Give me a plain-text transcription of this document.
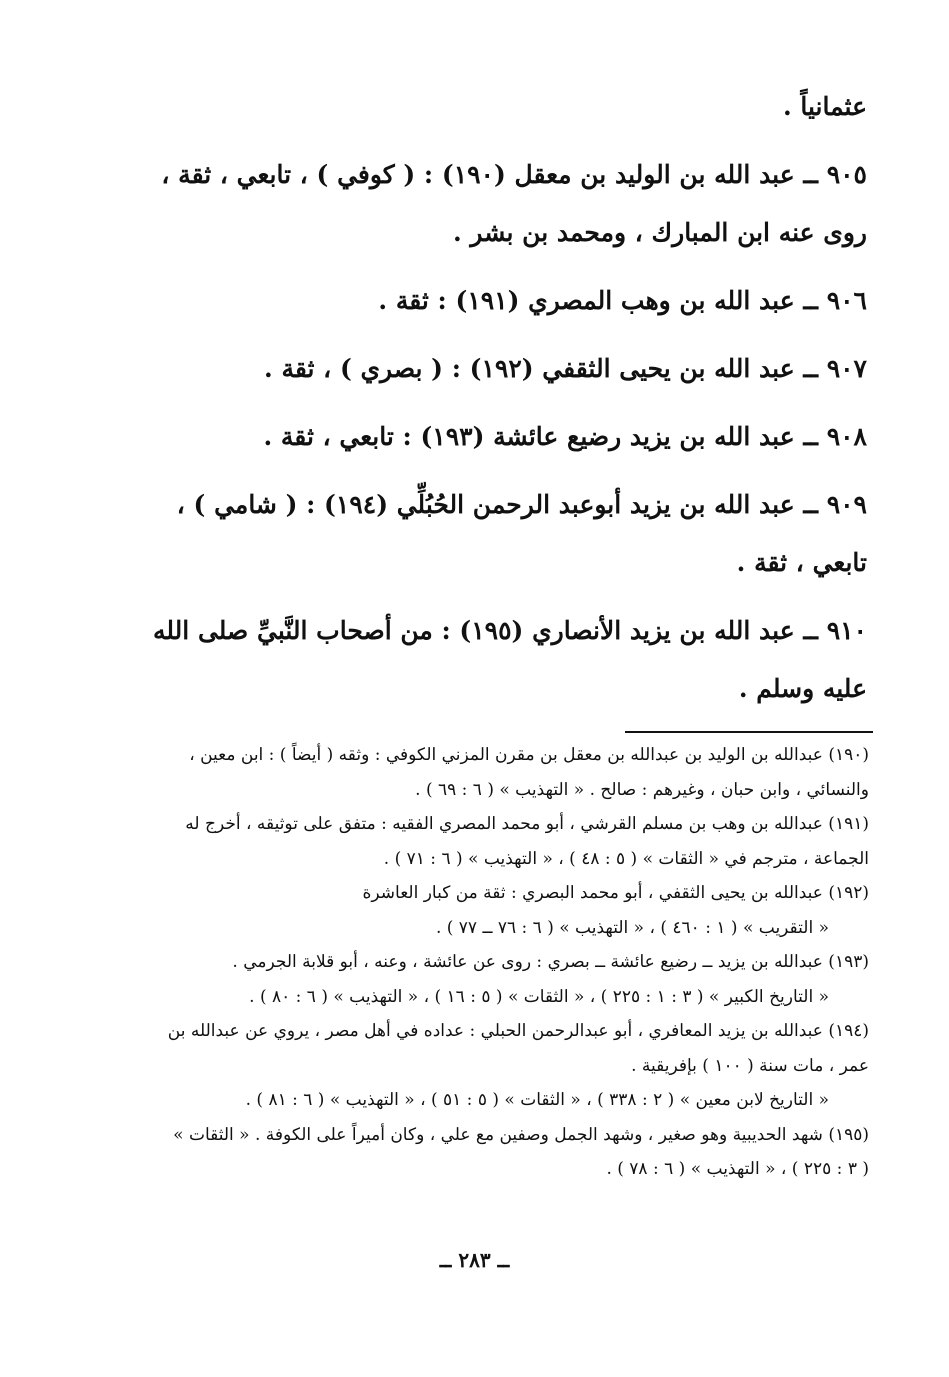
عثمانياً .

٩٠٥ ــ عبد الله بن الوليد بن معقل (١٩٠) : ( كوفي ) ، تابعي ، ثقة ،

روى عنه ابن المبارك ، ومحمد بن بشر .

٩٠٦ ــ عبد الله بن وهب المصري (١٩١) : ثقة .

٩٠٧ ــ عبد الله بن يحيى الثقفي (١٩٢) : ( بصري ) ، ثقة .

٩٠٨ ــ عبد الله بن يزيد رضيع عائشة (١٩٣) : تابعي ، ثقة .

٩٠٩ ــ عبد الله بن يزيد أبوعبد الرحمن الحُبُلِّي (١٩٤) : ( شامي ) ،

تابعي ، ثقة .

٩١٠ ــ عبد الله بن يزيد الأنصاري (١٩٥) : من أصحاب النَّبيِّ صلى الله

عليه وسلم .

(١٩٠) عبدالله بن الوليد بن عبدالله بن معقل بن مقرن المزني الكوفي : وثقه ( أيضاً ) : ابن معين ،

والنسائي ، وابن حبان ، وغيرهم : صالح . « التهذيب » ( ٦ : ٦٩ ) .

(١٩١) عبدالله بن وهب بن مسلم القرشي ، أبو محمد المصري الفقيه : متفق على توثيقه ، أخرج له

الجماعة ، مترجم في « الثقات » ( ٥ : ٤٨ ) ، « التهذيب » ( ٦ : ٧١ ) .

(١٩٢) عبدالله بن يحيى الثقفي ، أبو محمد البصري : ثقة من كبار العاشرة

« التقريب » ( ١ : ٤٦٠ ) ، « التهذيب » ( ٦ : ٧٦ ــ ٧٧ ) .

(١٩٣) عبدالله بن يزيد ــ رضيع عائشة ــ بصري : روى عن عائشة ، وعنه ، أبو قلابة الجرمي .

« التاريخ الكبير » ( ٣ : ١ : ٢٢٥ ) ، « الثقات » ( ٥ : ١٦ ) ، « التهذيب » ( ٦ : ٨٠ ) .

(١٩٤) عبدالله بن يزيد المعافري ، أبو عبدالرحمن الحبلي : عداده في أهل مصر ، يروي عن عبدالله بن

عمر ، مات سنة ( ١٠٠ ) بإفريقية .

« التاريخ لابن معين » ( ٢ : ٣٣٨ ) ، « الثقات » ( ٥ : ٥١ ) ، « التهذيب » ( ٦ : ٨١ ) .

(١٩٥) شهد الحديبية وهو صغير ، وشهد الجمل وصفين مع علي ، وكان أميراً على الكوفة . « الثقات »

( ٣ : ٢٢٥ ) ، « التهذيب » ( ٦ : ٧٨ ) .

ــ ٢٨٣ ــ
